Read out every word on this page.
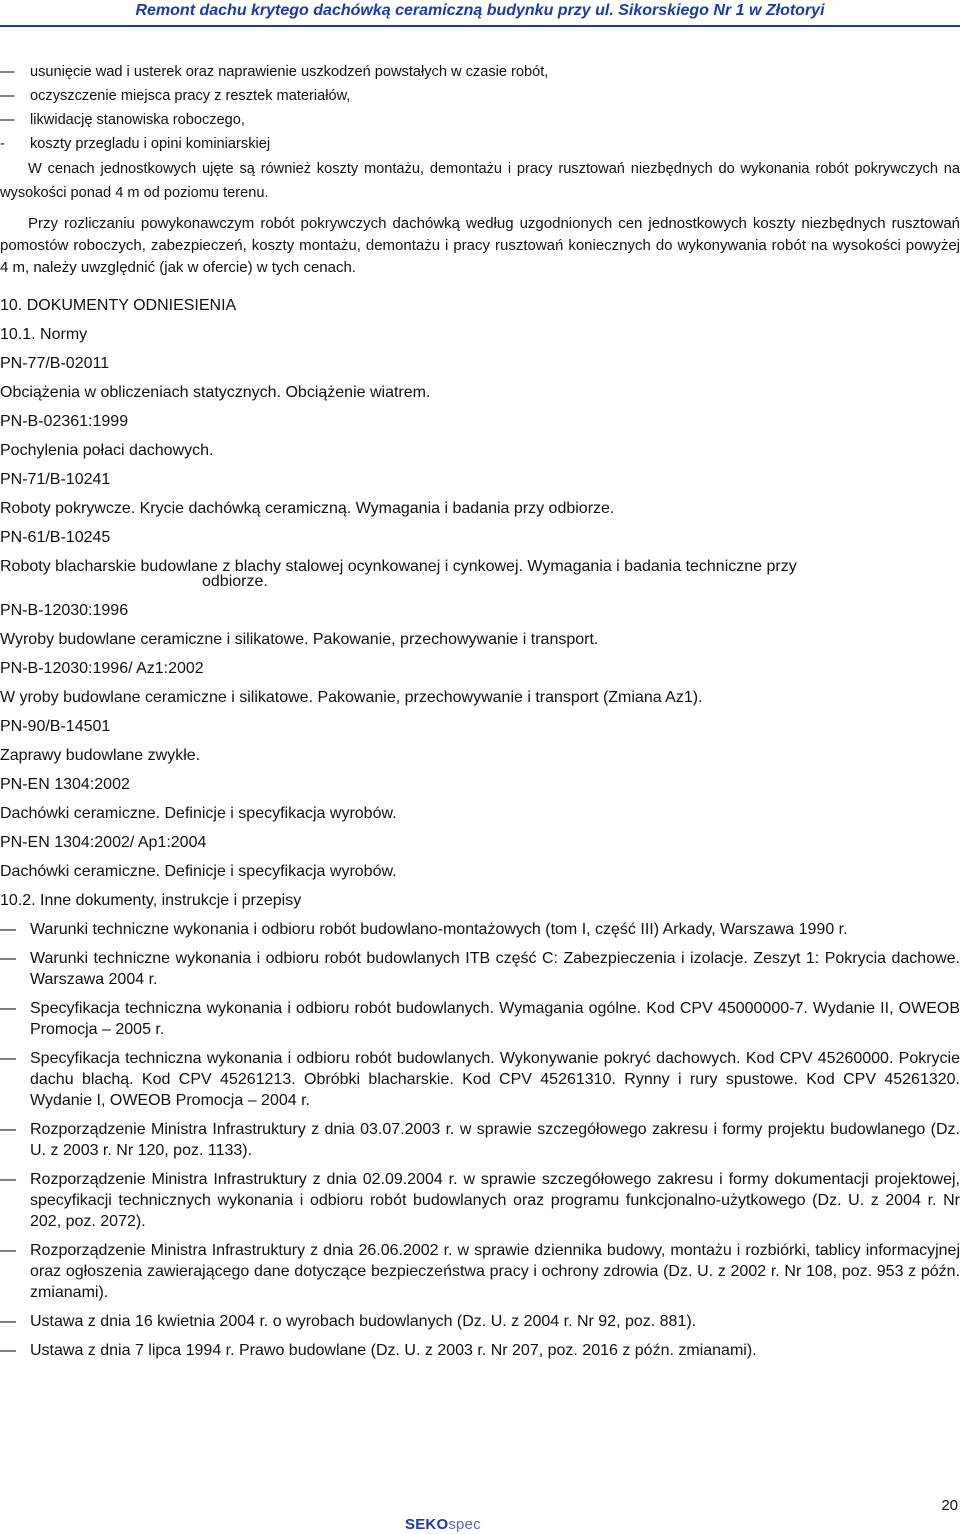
Remont dachu krytego dachówką ceramiczną budynku przy ul. Sikorskiego Nr 1 w Złotoryi
— usunięcie wad i usterek oraz naprawienie uszkodzeń powstałych w czasie robót,
— oczyszczenie miejsca pracy z resztek materiałów,
— likwidację stanowiska roboczego,
- koszty przegladu i opini kominiarskiej

W cenach jednostkowych ujęte są również koszty montażu, demontażu i pracy rusztowań niezbędnych do wykonania robót pokrywczych na wysokości ponad 4 m od poziomu terenu.

Przy rozliczaniu powykonawczym robót pokrywczych dachówką według uzgodnionych cen jednostkowych koszty niezbędnych rusztowań pomostów roboczych, zabezpieczeń, koszty montażu, demontażu i pracy rusztowań koniecznych do wykonywania robót na wysokości powyżej 4 m, należy uwzględnić (jak w ofercie) w tych cenach.

10. DOKUMENTY ODNIESIENIA
10.1. Normy
PN-77/B-02011
Obciążenia w obliczeniach statycznych. Obciążenie wiatrem.
PN-B-02361:1999
Pochylenia połaci dachowych.
PN-71/B-10241
Roboty pokrywcze. Krycie dachówką ceramiczną. Wymagania i badania przy odbiorze.
PN-61/B-10245
Roboty blacharskie budowlane z blachy stalowej ocynkowanej i cynkowej. Wymagania i badania techniczne przy
odbiorze.
PN-B-12030:1996
Wyroby budowlane ceramiczne i silikatowe. Pakowanie, przechowywanie i transport.
PN-B-12030:1996/ Az1:2002
W yroby budowlane ceramiczne i silikatowe. Pakowanie, przechowywanie i transport (Zmiana Az1).
PN-90/B-14501
Zaprawy budowlane zwykłe.
PN-EN 1304:2002
Dachówki ceramiczne. Definicje i specyfikacja wyrobów.
PN-EN 1304:2002/ Ap1:2004
Dachówki ceramiczne. Definicje i specyfikacja wyrobów.
10.2. Inne dokumenty, instrukcje i przepisy
— Warunki techniczne wykonania i odbioru robót budowlano-montażowych (tom I, część III) Arkady, Warszawa 1990 r.
— Warunki techniczne wykonania i odbioru robót budowlanych ITB część C: Zabezpieczenia i izolacje. Zeszyt 1: Pokrycia dachowe. Warszawa 2004 r.
— Specyfikacja techniczna wykonania i odbioru robót budowlanych. Wymagania ogólne. Kod CPV 45000000-7. Wydanie II, OWEOB Promocja – 2005 r.
— Specyfikacja techniczna wykonania i odbioru robót budowlanych. Wykonywanie pokryć dachowych. Kod CPV 45260000. Pokrycie dachu blachą. Kod CPV 45261213. Obróbki blacharskie. Kod CPV 45261310. Rynny i rury spustowe. Kod CPV 45261320. Wydanie I, OWEOB Promocja – 2004 r.
— Rozporządzenie Ministra Infrastruktury z dnia 03.07.2003 r. w sprawie szczegółowego zakresu i formy projektu budowlanego (Dz. U. z 2003 r. Nr 120, poz. 1133).
— Rozporządzenie Ministra Infrastruktury z dnia 02.09.2004 r. w sprawie szczegółowego zakresu i formy dokumentacji projektowej, specyfikacji technicznych wykonania i odbioru robót budowlanych oraz programu funkcjonalno-użytkowego (Dz. U. z 2004 r. Nr 202, poz. 2072).
— Rozporządzenie Ministra Infrastruktury z dnia 26.06.2002 r. w sprawie dziennika budowy, montażu i rozbiórki, tablicy informacyjnej oraz ogłoszenia zawierającego dane dotyczące bezpieczeństwa pracy i ochrony zdrowia (Dz. U. z 2002 r. Nr 108, poz. 953 z późn. zmianami).
— Ustawa z dnia 16 kwietnia 2004 r. o wyrobach budowlanych (Dz. U. z 2004 r. Nr 92, poz. 881).
— Ustawa z dnia 7 lipca 1994 r. Prawo budowlane (Dz. U. z 2003 r. Nr 207, poz. 2016 z późn. zmianami).
20
SEKOspec
